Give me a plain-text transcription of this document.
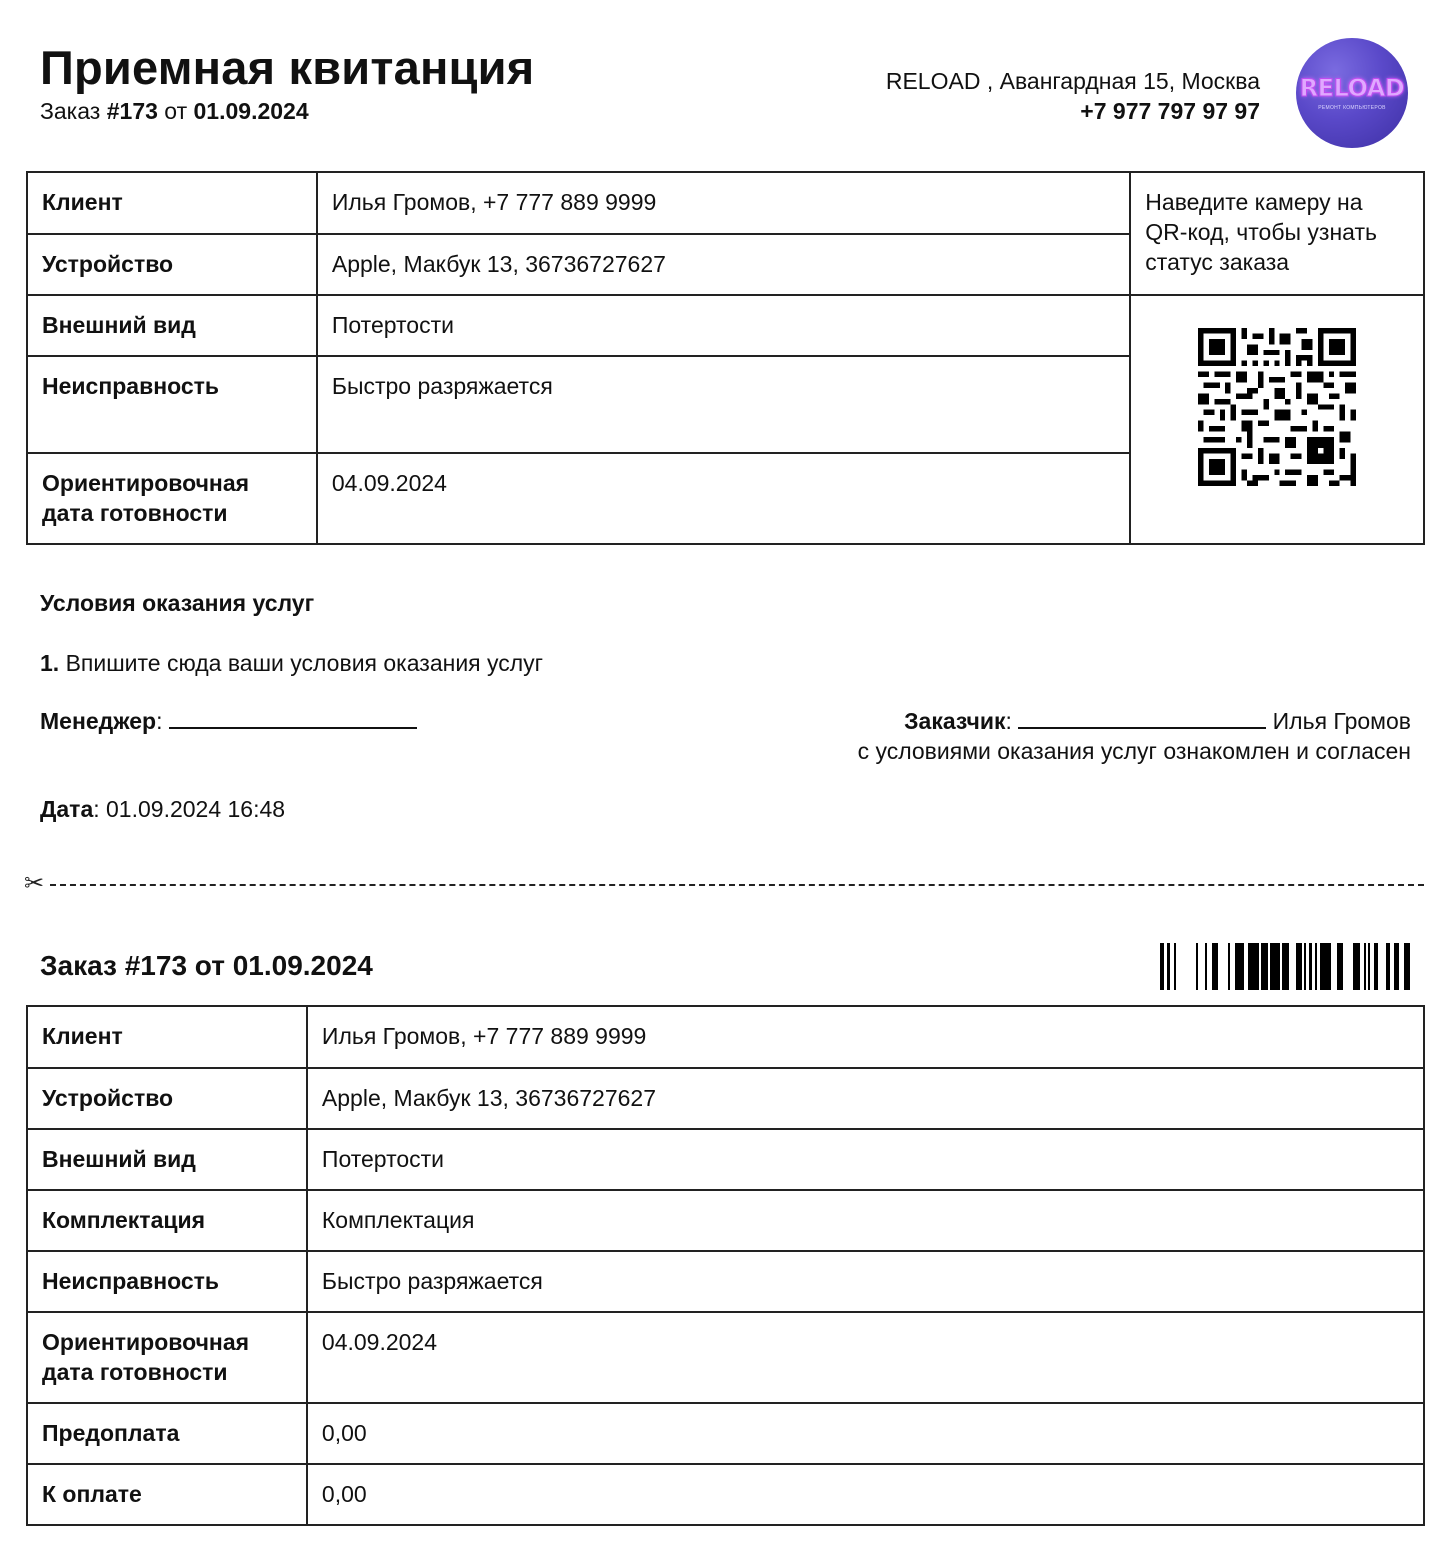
Приемная квитанция
Заказ #173 от 01.09.2024
RELOAD , Авангардная 15, Москва
+7 977 797 97 97
RELOAD
РЕМОНТ КОМПЬЮТЕРОВ
Клиент	Илья Громов, +7 777 889 9999	Наведите камеру на QR-код, чтобы узнать статус заказа
Устройство	Apple, Макбук 13, 36736727627	
Внешний вид	Потертости	

Неисправность	Быстро разряжается	
Ориентировочная
дата готовности	04.09.2024	
Условия оказания услуг
1. Впишите сюда ваши условия оказания услуг
Менеджер:	Заказчик:	Илья Громов
с условиями оказания услуг ознакомлен и согласен
Дата: 01.09.2024 16:48
✂
Заказ #173 от 01.09.2024
Клиент	Илья Громов, +7 777 889 9999
Устройство	Apple, Макбук 13, 36736727627
Внешний вид	Потертости
Комплектация	Комплектация
Неисправность	Быстро разряжается
Ориентировочная
дата готовности	04.09.2024
Предоплата	0,00
К оплате	0,00
